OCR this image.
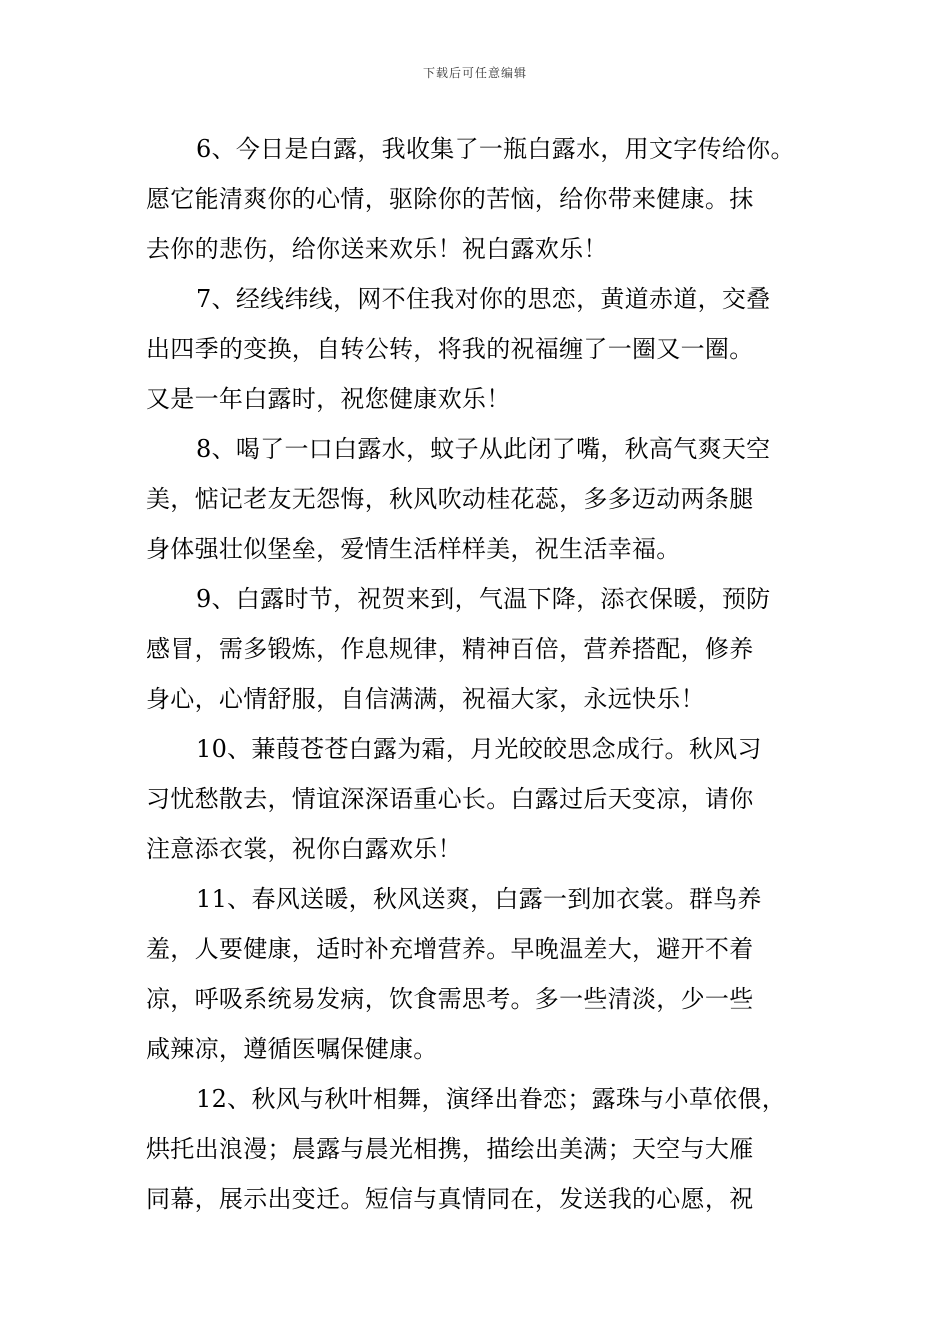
下载后可任意编辑
6、今日是白露，我收集了一瓶白露水，用文字传给你。
愿它能清爽你的心情，驱除你的苦恼，给你带来健康。抹
去你的悲伤，给你送来欢乐！祝白露欢乐！
7、经线纬线，网不住我对你的思恋，黄道赤道，交叠
出四季的变换，自转公转，将我的祝福缠了一圈又一圈。
又是一年白露时，祝您健康欢乐！
8、喝了一口白露水，蚊子从此闭了嘴，秋高气爽天空
美，惦记老友无怨悔，秋风吹动桂花蕊，多多迈动两条腿
身体强壮似堡垒，爱情生活样样美，祝生活幸福。
9、白露时节，祝贺来到，气温下降，添衣保暖，预防
感冒，需多锻炼，作息规律，精神百倍，营养搭配，修养
身心，心情舒服，自信满满，祝福大家，永远快乐！
10、蒹葭苍苍白露为霜，月光皎皎思念成行。秋风习
习忧愁散去，情谊深深语重心长。白露过后天变凉，请你
注意添衣裳，祝你白露欢乐！
11、春风送暖，秋风送爽，白露一到加衣裳。群鸟养
羞，人要健康，适时补充增营养。早晚温差大，避开不着
凉，呼吸系统易发病，饮食需思考。多一些清淡，少一些
咸辣凉，遵循医嘱保健康。
12、秋风与秋叶相舞，演绎出眷恋；露珠与小草依偎，
烘托出浪漫；晨露与晨光相携，描绘出美满；天空与大雁
同幕，展示出变迁。短信与真情同在，发送我的心愿，祝
